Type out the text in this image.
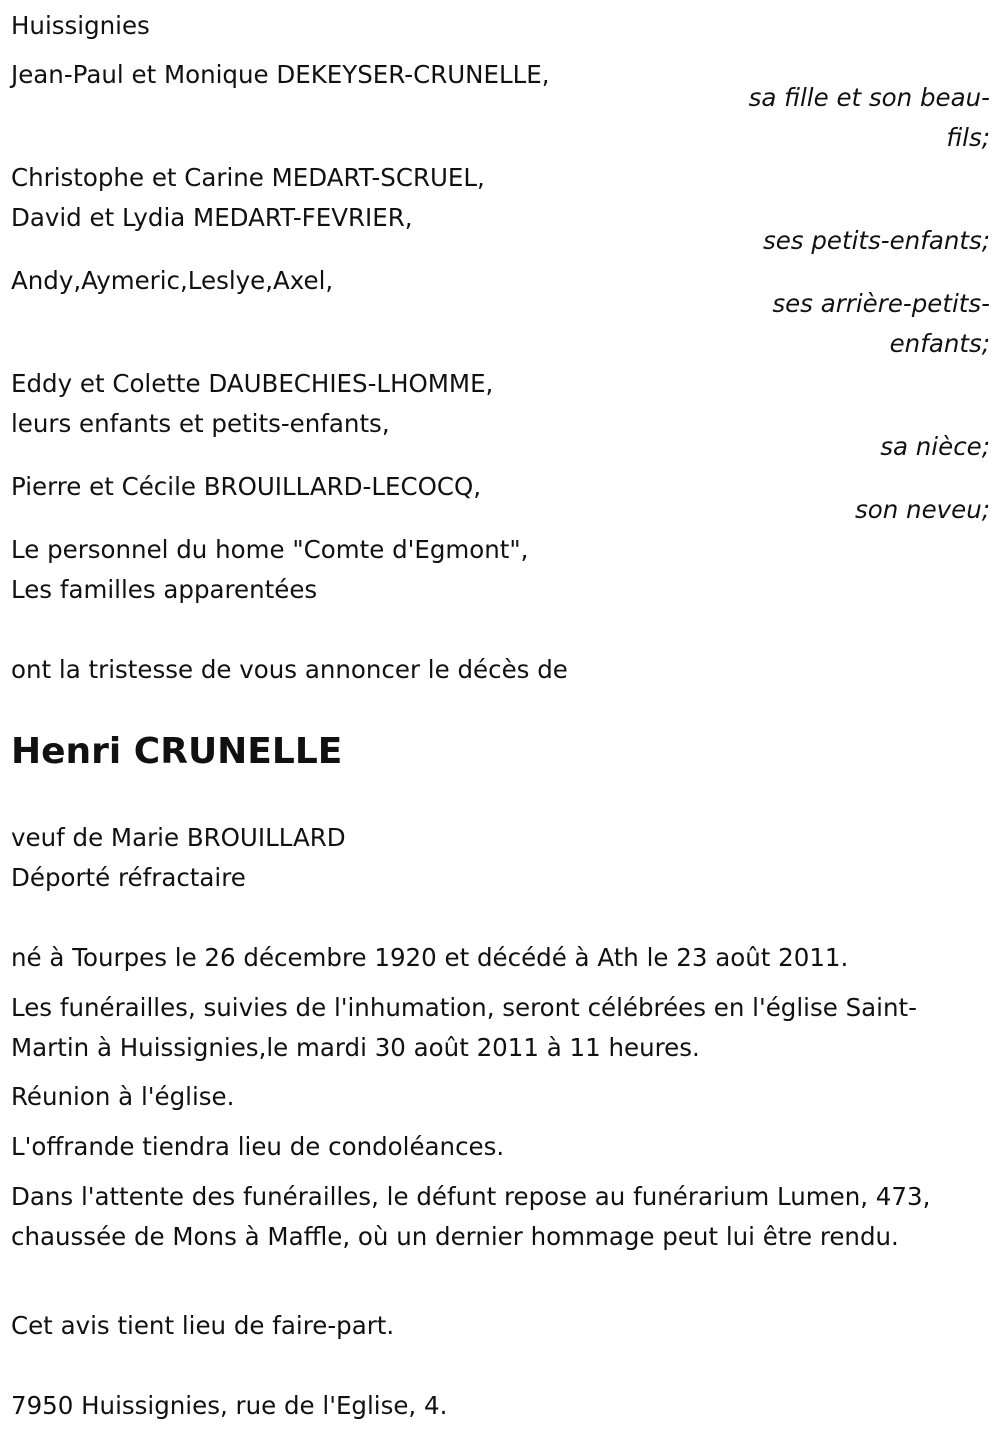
Huissignies
Jean-Paul et Monique DEKEYSER-CRUNELLE,
sa fille et son beau-fils;
Christophe et Carine MEDART-SCRUEL,
David et Lydia MEDART-FEVRIER,
ses petits-enfants;
Andy,Aymeric,Leslye,Axel,
ses arrière-petits-enfants;
Eddy et Colette DAUBECHIES-LHOMME,
leurs enfants et petits-enfants,
sa nièce;
Pierre et Cécile BROUILLARD-LECOCQ,
son neveu;
Le personnel du home "Comte d'Egmont",
Les familles apparentées
ont la tristesse de vous annoncer le décès de
Henri CRUNELLE
veuf de Marie BROUILLARD
Déporté réfractaire
né à Tourpes le 26 décembre 1920 et décédé à Ath le 23 août 2011.
Les funérailles, suivies de l'inhumation, seront célébrées en l'église Saint-Martin à Huissignies,le mardi 30 août 2011 à 11 heures.
Réunion à l'église.
L'offrande tiendra lieu de condoléances.
Dans l'attente des funérailles, le défunt repose au funérarium Lumen, 473, chaussée de Mons à Maffle, où un dernier hommage peut lui être rendu.
Cet avis tient lieu de faire-part.
7950 Huissignies, rue de l'Eglise, 4.
